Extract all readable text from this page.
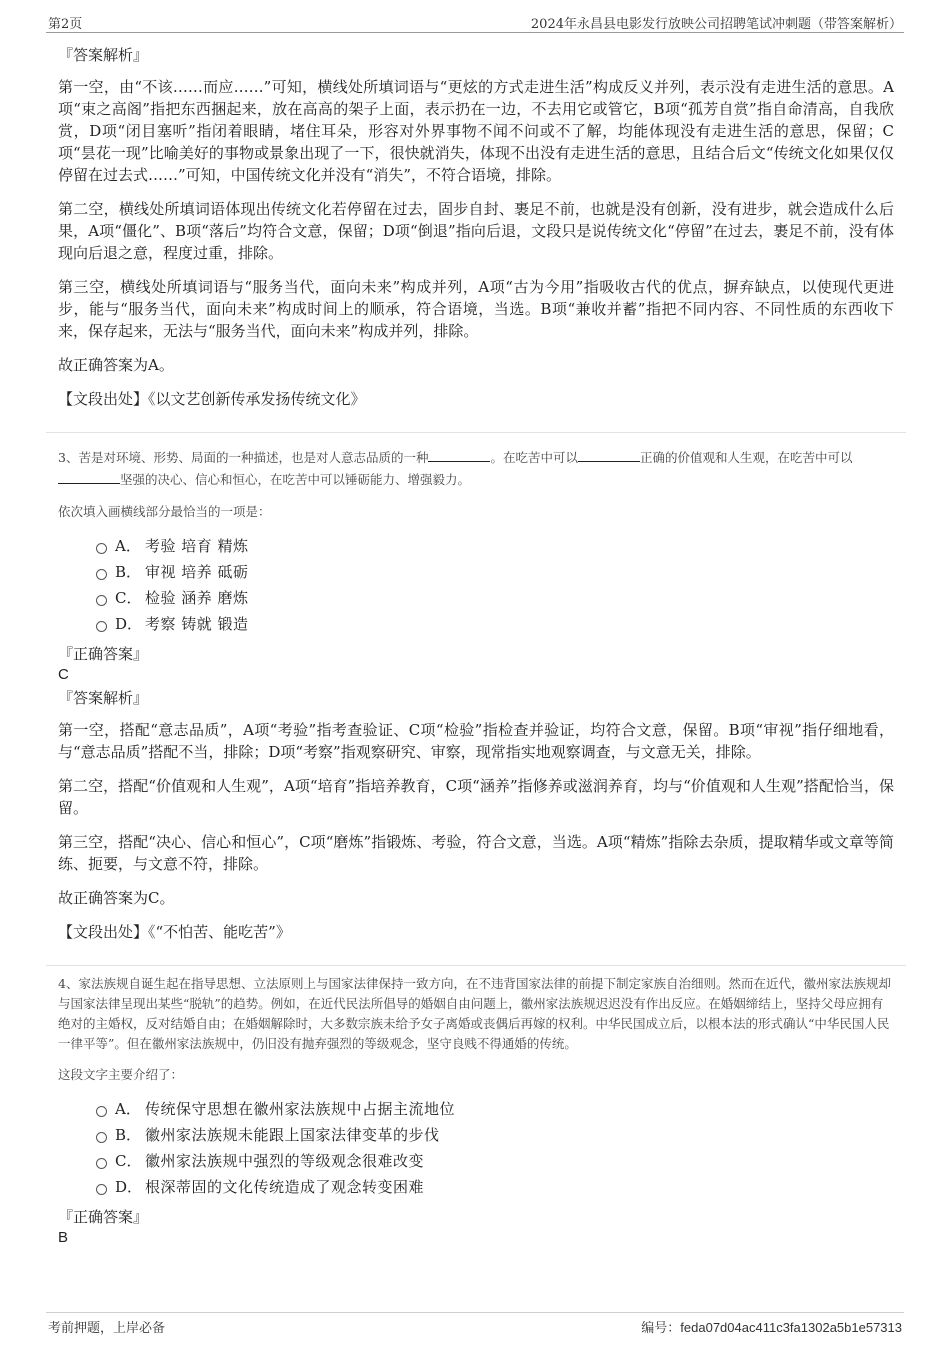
第2页	2024年永昌县电影发行放映公司招聘笔试冲刺题（带答案解析）
『答案解析』

第一空，由“不该……而应……”可知，横线处所填词语与“更炫的方式走进生活”构成反义并列，表示没有走进生活的意思。A项“束之高阁”指把东西捆起来，放在高高的架子上面，表示扔在一边，不去用它或管它，B项“孤芳自赏”指自命清高，自我欣赏，D项“闭目塞听”指闭着眼睛，堵住耳朵，形容对外界事物不闻不问或不了解，均能体现没有走进生活的意思，保留；C项“昙花一现”比喻美好的事物或景象出现了一下，很快就消失，体现不出没有走进生活的意思，且结合后文“传统文化如果仅仅停留在过去式……”可知，中国传统文化并没有“消失”，不符合语境，排除。

第二空，横线处所填词语体现出传统文化若停留在过去，固步自封、裹足不前，也就是没有创新，没有进步，就会造成什么后果，A项“僵化”、B项“落后”均符合文意，保留；D项“倒退”指向后退，文段只是说传统文化“停留”在过去，裹足不前，没有体现向后退之意，程度过重，排除。

第三空，横线处所填词语与“服务当代，面向未来”构成并列，A项“古为今用”指吸收古代的优点，摒弃缺点，以使现代更进步，能与“服务当代，面向未来”构成时间上的顺承，符合语境，当选。B项“兼收并蓄”指把不同内容、不同性质的东西收下来，保存起来，无法与“服务当代，面向未来”构成并列，排除。

故正确答案为A。

【文段出处】《以文艺创新传承发扬传统文化》

3、苦是对环境、形势、局面的一种描述，也是对人意志品质的一种	。在吃苦中可以	正确的价值观和人生观，在吃苦中可以坚强的决心、信心和恒心，在吃苦中可以锤砺能力、增强毅力。

依次填入画横线部分最恰当的一项是：

A． 考验 培育 精炼
B． 审视 培养 砥砺
C． 检验 涵养 磨炼
D． 考察 铸就 锻造
『正确答案』
C
『答案解析』

第一空，搭配“意志品质”，A项“考验”指考查验证、C项“检验”指检查并验证，均符合文意，保留。B项“审视”指仔细地看，与“意志品质”搭配不当，排除；D项“考察”指观察研究、审察，现常指实地观察调查，与文意无关，排除。

第二空，搭配“价值观和人生观”，A项“培育”指培养教育，C项“涵养”指修养或滋润养育，均与“价值观和人生观”搭配恰当，保留。

第三空，搭配“决心、信心和恒心”，C项“磨炼”指锻炼、考验，符合文意，当选。A项“精炼”指除去杂质，提取精华或文章等简练、扼要，与文意不符，排除。

故正确答案为C。

【文段出处】《“不怕苦、能吃苦”》

4、家法族规自诞生起在指导思想、立法原则上与国家法律保持一致方向，在不违背国家法律的前提下制定家族自治细则。然而在近代，徽州家法族规却与国家法律呈现出某些“脱轨”的趋势。例如，在近代民法所倡导的婚姻自由问题上，徽州家法族规迟迟没有作出反应。在婚姻缔结上，坚持父母应拥有绝对的主婚权，反对结婚自由；在婚姻解除时，大多数宗族未给予女子离婚或丧偶后再嫁的权利。中华民国成立后，以根本法的形式确认“中华民国人民一律平等”。但在徽州家法族规中，仍旧没有抛弃强烈的等级观念，坚守良贱不得通婚的传统。

这段文字主要介绍了：

A． 传统保守思想在徽州家法族规中占据主流地位
B． 徽州家法族规未能跟上国家法律变革的步伐
C． 徽州家法族规中强烈的等级观念很难改变
D． 根深蒂固的文化传统造成了观念转变困难
『正确答案』
B
考前押题，上岸必备	编号：feda07d04ac411c3fa1302a5b1e57313
